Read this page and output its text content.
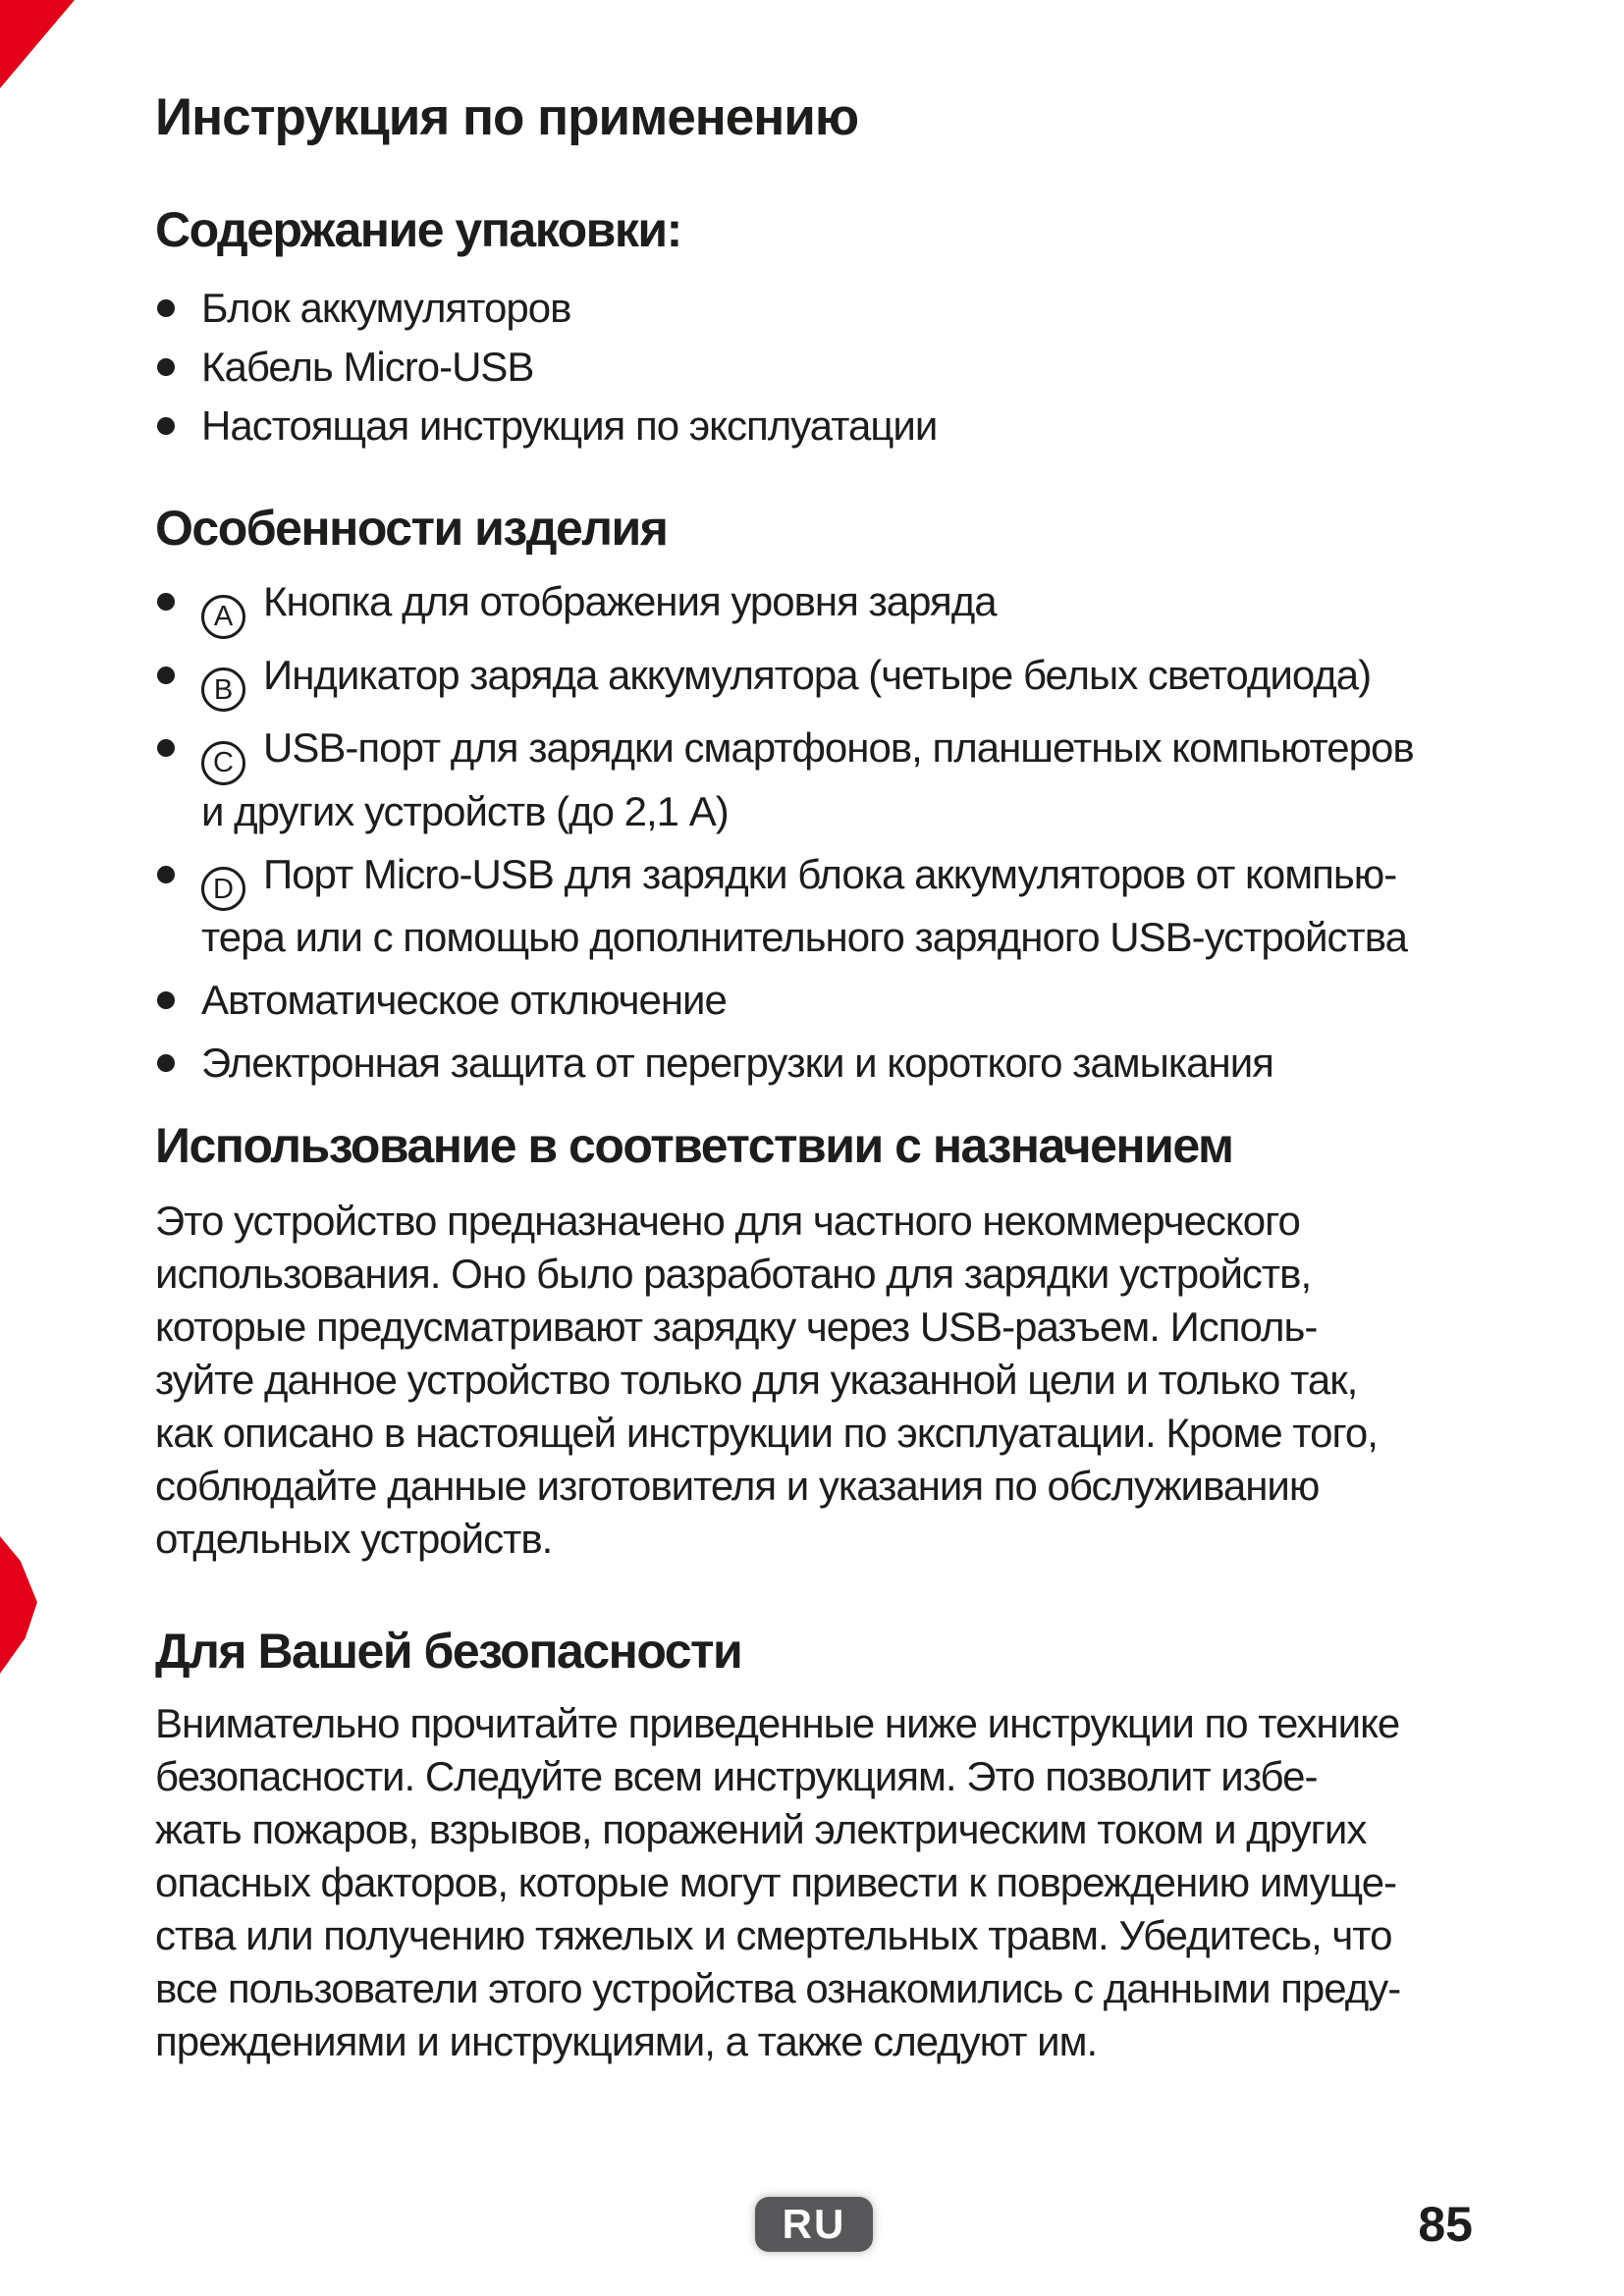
Инструкция по применению
Содержание упаковки:
Блок аккумуляторов
Кабель Micro-USB
Настоящая инструкция по эксплуатации
Особенности изделия
A Кнопка для отображения уровня заряда
B Индикатор заряда аккумулятора (четыре белых светодиода)
C USB-порт для зарядки смартфонов, планшетных компьютеров
и других устройств (до 2,1 А)
D Порт Micro-USB для зарядки блока аккумуляторов от компью-
тера или с помощью дополнительного зарядного USB-устройства
Автоматическое отключение
Электронная защита от перегрузки и короткого замыкания
Использование в соответствии с назначением
Это устройство предназначено для частного некоммерческого
использования. Оно было разработано для зарядки устройств,
которые предусматривают зарядку через USB-разъем. Исполь-
зуйте данное устройство только для указанной цели и только так,
как описано в настоящей инструкции по эксплуатации. Кроме того,
соблюдайте данные изготовителя и указания по обслуживанию
отдельных устройств.
Для Вашей безопасности
Внимательно прочитайте приведенные ниже инструкции по технике
безопасности. Следуйте всем инструкциям. Это позволит избе-
жать пожаров, взрывов, поражений электрическим током и других
опасных факторов, которые могут привести к повреждению имуще-
ства или получению тяжелых и смертельных травм. Убедитесь, что
все пользователи этого устройства ознакомились с данными преду-
преждениями и инструкциями, а также следуют им.
RU	85
